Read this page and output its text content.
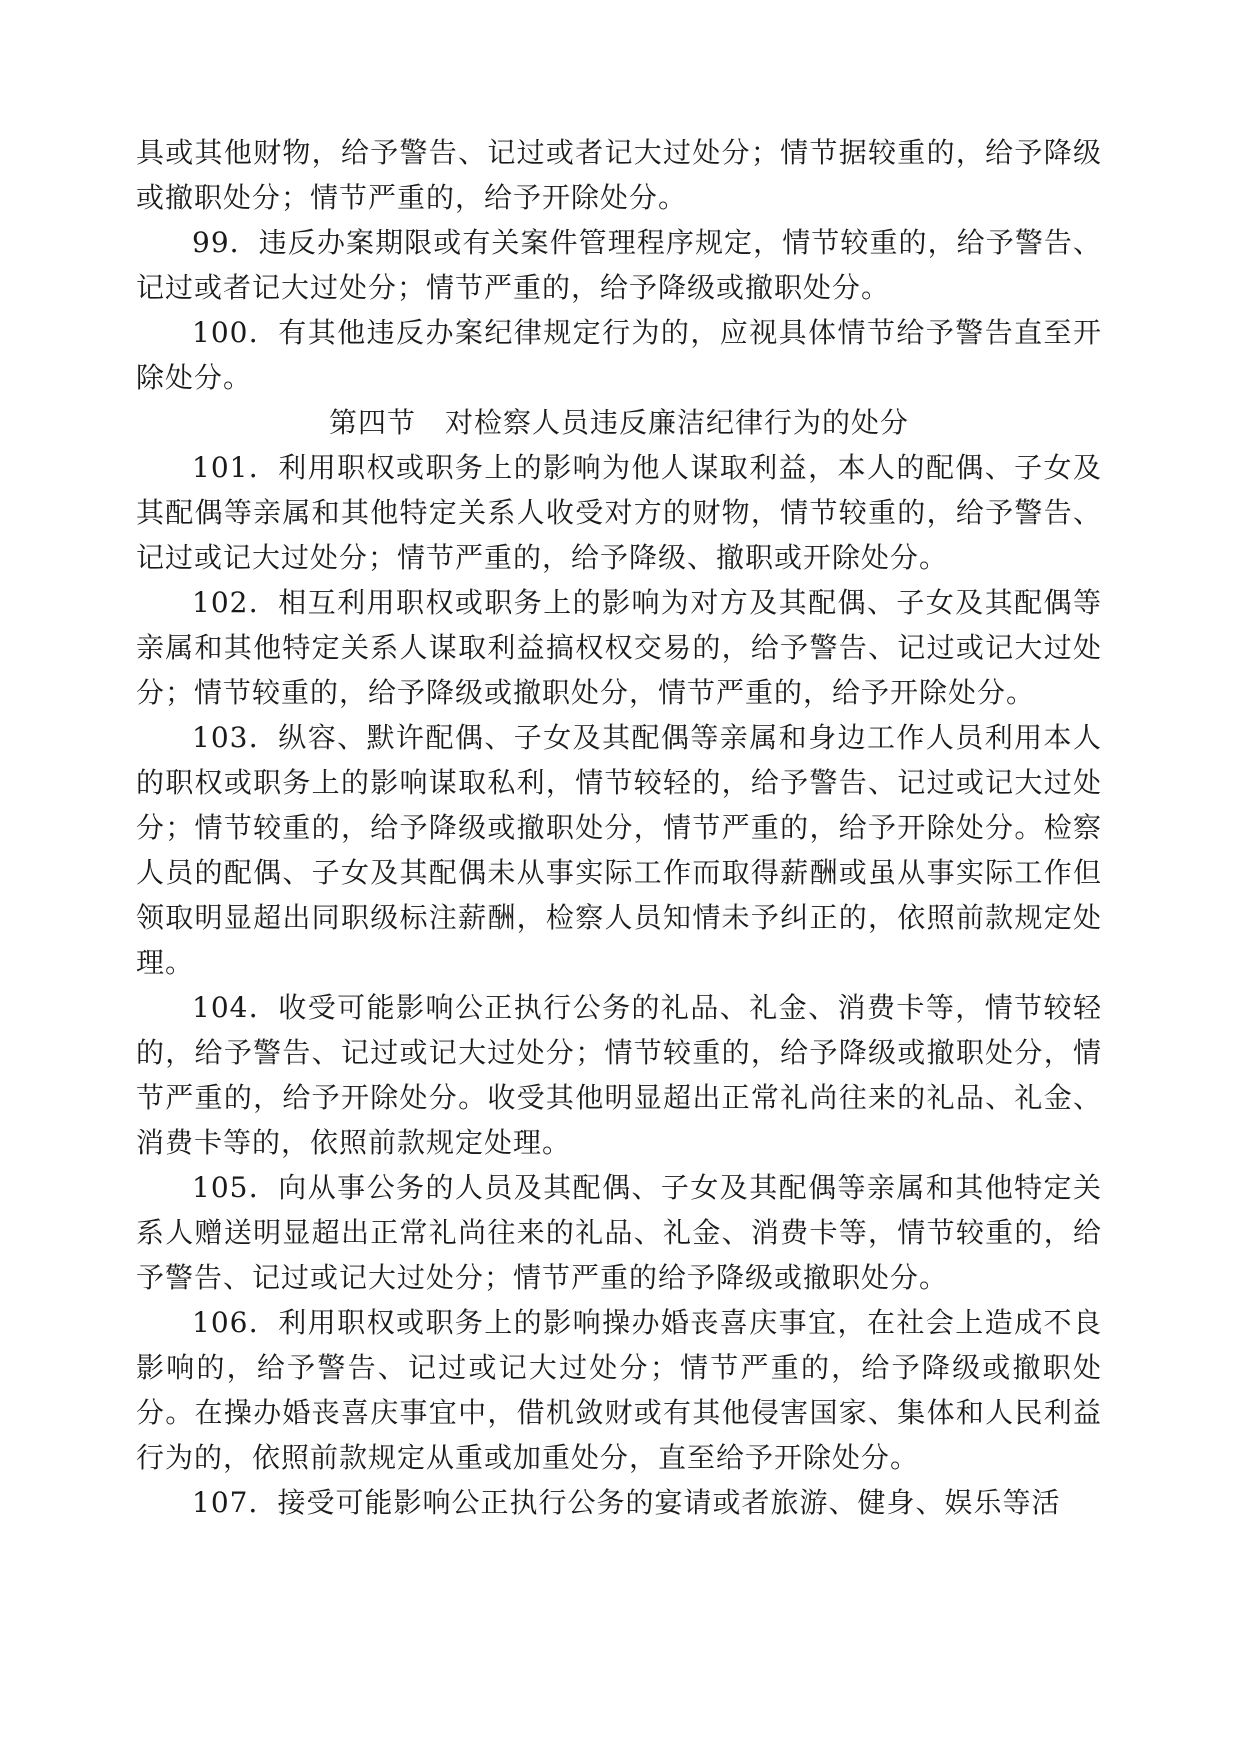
具或其他财物，给予警告、记过或者记大过处分；情节据较重的，给予降级或撤职处分；情节严重的，给予开除处分。

99．违反办案期限或有关案件管理程序规定，情节较重的，给予警告、记过或者记大过处分；情节严重的，给予降级或撤职处分。

100．有其他违反办案纪律规定行为的，应视具体情节给予警告直至开除处分。

第四节　对检察人员违反廉洁纪律行为的处分

101．利用职权或职务上的影响为他人谋取利益，本人的配偶、子女及其配偶等亲属和其他特定关系人收受对方的财物，情节较重的，给予警告、记过或记大过处分；情节严重的，给予降级、撤职或开除处分。

102．相互利用职权或职务上的影响为对方及其配偶、子女及其配偶等亲属和其他特定关系人谋取利益搞权权交易的，给予警告、记过或记大过处分；情节较重的，给予降级或撤职处分，情节严重的，给予开除处分。

103．纵容、默许配偶、子女及其配偶等亲属和身边工作人员利用本人的职权或职务上的影响谋取私利，情节较轻的，给予警告、记过或记大过处分；情节较重的，给予降级或撤职处分，情节严重的，给予开除处分。检察人员的配偶、子女及其配偶未从事实际工作而取得薪酬或虽从事实际工作但领取明显超出同职级标注薪酬，检察人员知情未予纠正的，依照前款规定处理。

104．收受可能影响公正执行公务的礼品、礼金、消费卡等，情节较轻的，给予警告、记过或记大过处分；情节较重的，给予降级或撤职处分，情节严重的，给予开除处分。收受其他明显超出正常礼尚往来的礼品、礼金、消费卡等的，依照前款规定处理。

105．向从事公务的人员及其配偶、子女及其配偶等亲属和其他特定关系人赠送明显超出正常礼尚往来的礼品、礼金、消费卡等，情节较重的，给予警告、记过或记大过处分；情节严重的给予降级或撤职处分。

106．利用职权或职务上的影响操办婚丧喜庆事宜，在社会上造成不良影响的，给予警告、记过或记大过处分；情节严重的，给予降级或撤职处分。在操办婚丧喜庆事宜中，借机敛财或有其他侵害国家、集体和人民利益行为的，依照前款规定从重或加重处分，直至给予开除处分。

107．接受可能影响公正执行公务的宴请或者旅游、健身、娱乐等活
